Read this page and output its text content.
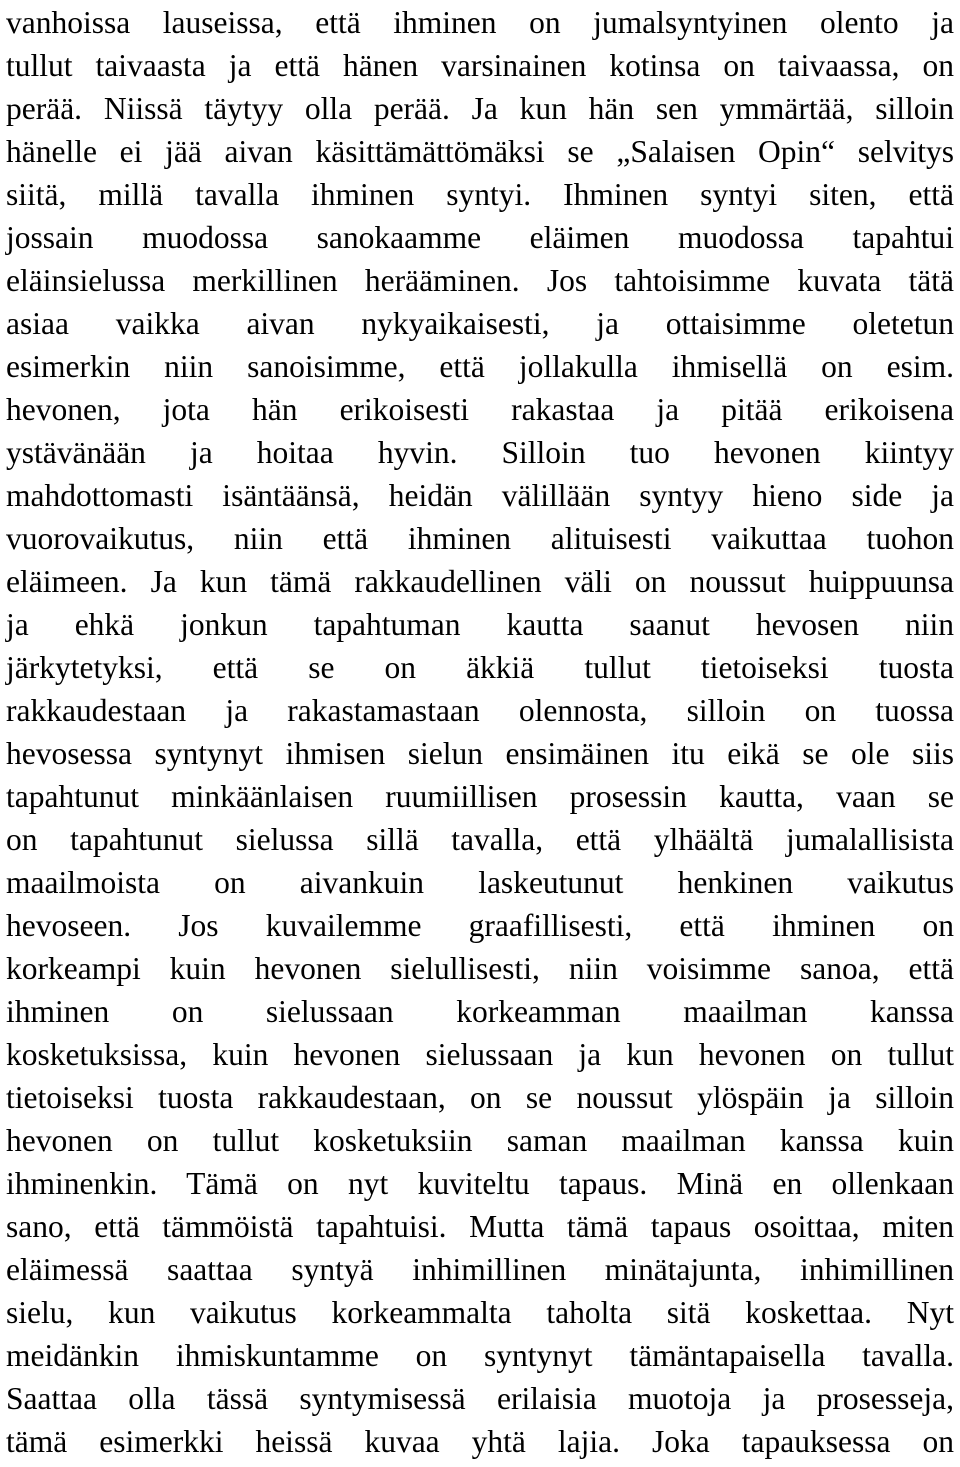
vanhoissa lauseissa, että ihminen on jumalsyntyinen olento ja
tullut taivaasta ja että hänen varsinainen kotinsa on taivaassa, on
perää. Niissä täytyy olla perää. Ja kun hän sen ymmärtää, silloin
hänelle ei jää aivan käsittämättömäksi se „Salaisen Opin“ selvitys
siitä, millä tavalla ihminen syntyi. Ihminen syntyi siten, että
jossain muodossa sanokaamme eläimen muodossa tapahtui
eläinsielussa merkillinen herääminen. Jos tahtoisimme kuvata tätä
asiaa vaikka aivan nykyaikaisesti, ja ottaisimme oletetun
esimerkin niin sanoisimme, että jollakulla ihmisellä on esim.
hevonen, jota hän erikoisesti rakastaa ja pitää erikoisena
ystävänään ja hoitaa hyvin. Silloin tuo hevonen kiintyy
mahdottomasti isäntäänsä, heidän välillään syntyy hieno side ja
vuorovaikutus, niin että ihminen alituisesti vaikuttaa tuohon
eläimeen. Ja kun tämä rakkaudellinen väli on noussut huippuunsa
ja ehkä jonkun tapahtuman kautta saanut hevosen niin
järkytetyksi, että se on äkkiä tullut tietoiseksi tuosta
rakkaudestaan ja rakastamastaan olennosta, silloin on tuossa
hevosessa syntynyt ihmisen sielun ensimäinen itu eikä se ole siis
tapahtunut minkäänlaisen ruumiillisen prosessin kautta, vaan se
on tapahtunut sielussa sillä tavalla, että ylhäältä jumalallisista
maailmoista on aivankuin laskeutunut henkinen vaikutus
hevoseen. Jos kuvailemme graafillisesti, että ihminen on
korkeampi kuin hevonen sielullisesti, niin voisimme sanoa, että
ihminen on sielussaan korkeamman maailman kanssa
kosketuksissa, kuin hevonen sielussaan ja kun hevonen on tullut
tietoiseksi tuosta rakkaudestaan, on se noussut ylöspäin ja silloin
hevonen on tullut kosketuksiin saman maailman kanssa kuin
ihminenkin. Tämä on nyt kuviteltu tapaus. Minä en ollenkaan
sano, että tämmöistä tapahtuisi. Mutta tämä tapaus osoittaa, miten
eläimessä saattaa syntyä inhimillinen minätajunta, inhimillinen
sielu, kun vaikutus korkeammalta taholta sitä koskettaa. Nyt
meidänkin ihmiskuntamme on syntynyt tämäntapaisella tavalla.
Saattaa olla tässä syntymisessä erilaisia muotoja ja prosesseja,
tämä esimerkki heissä kuvaa yhtä lajia. Joka tapauksessa on
